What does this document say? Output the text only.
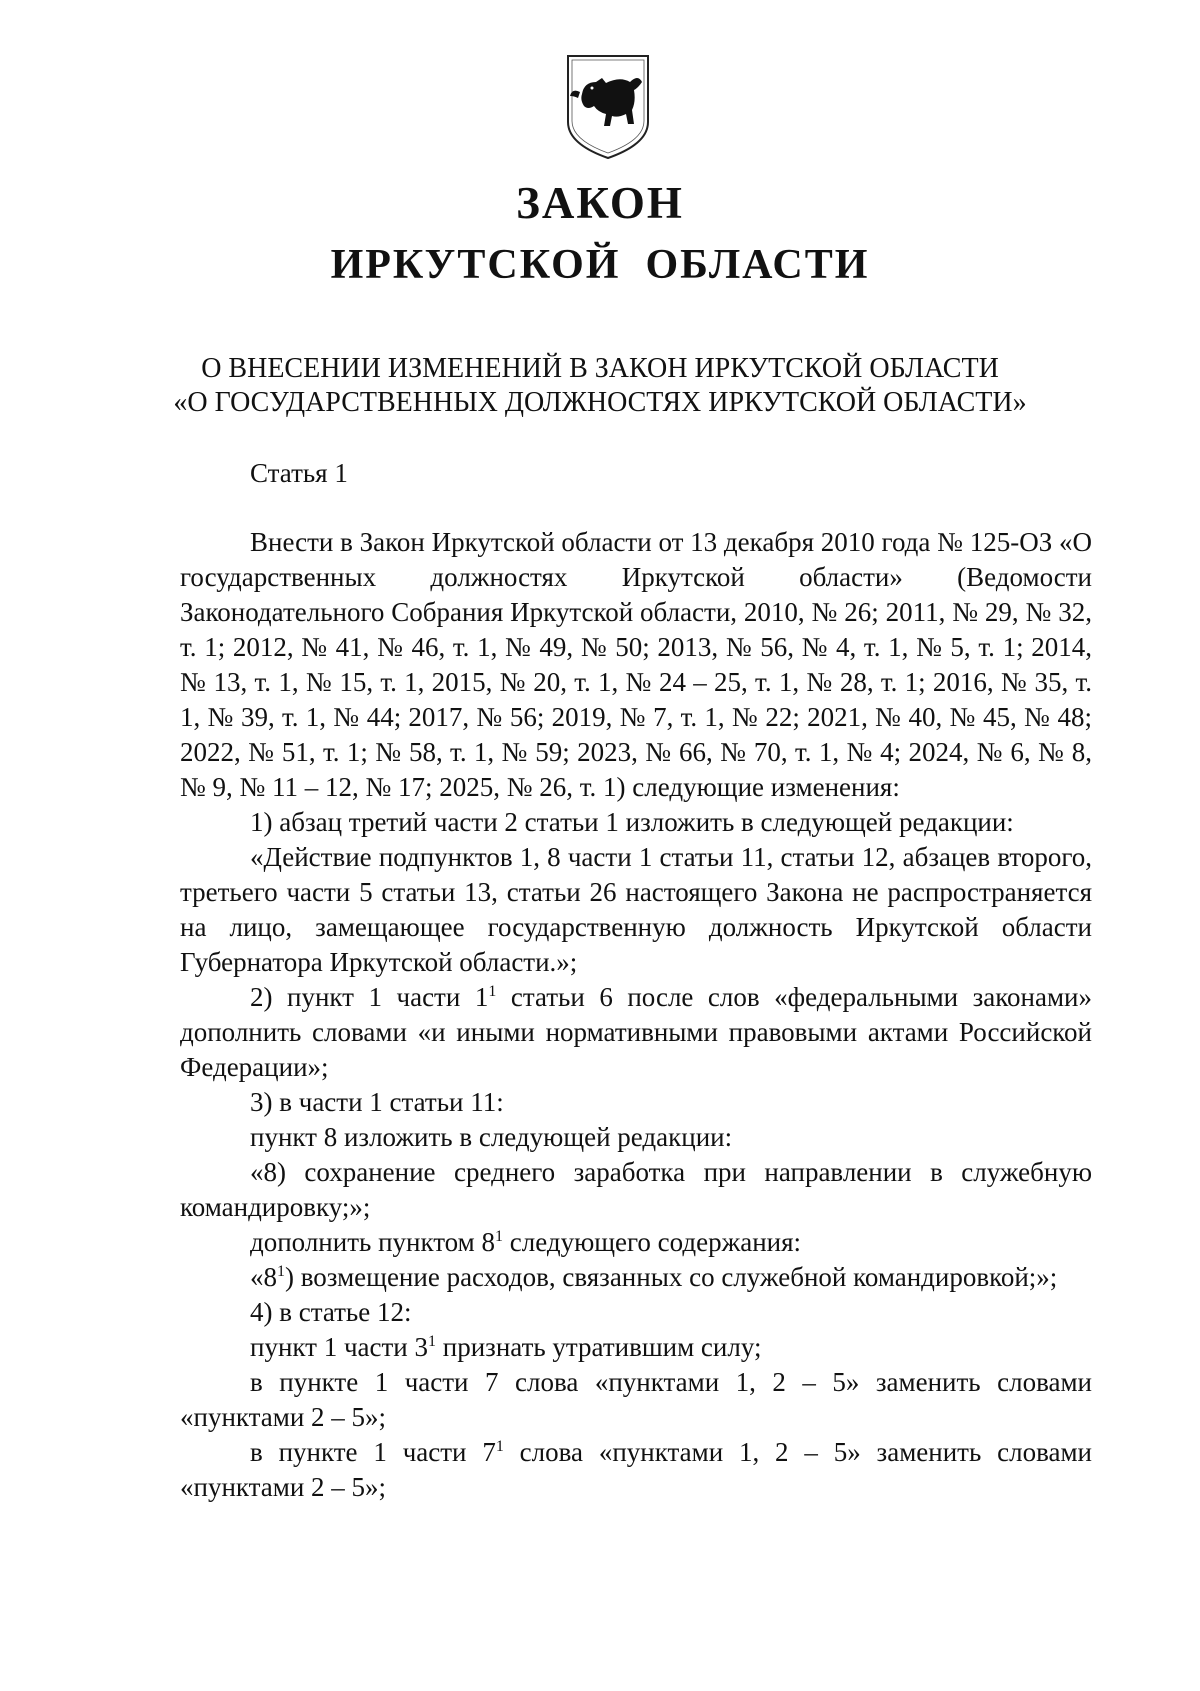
ЗАКОН
ИРКУТСКОЙ  ОБЛАСТИ
О ВНЕСЕНИИ ИЗМЕНЕНИЙ В ЗАКОН ИРКУТСКОЙ ОБЛАСТИ
«О ГОСУДАРСТВЕННЫХ ДОЛЖНОСТЯХ ИРКУТСКОЙ ОБЛАСТИ»
Статья 1

Внести в Закон Иркутской области от 13 декабря 2010 года № 125-ОЗ «О государственных должностях Иркутской области» (Ведомости Законодательного Собрания Иркутской области, 2010, № 26; 2011, № 29, № 32, т. 1; 2012, № 41, № 46, т. 1, № 49, № 50; 2013, № 56, № 4, т. 1, № 5, т. 1; 2014, № 13, т. 1, № 15, т. 1, 2015, № 20, т. 1, № 24 – 25, т. 1, № 28, т. 1; 2016, № 35, т. 1, № 39, т. 1, № 44; 2017, № 56; 2019, № 7, т. 1, № 22; 2021, № 40, № 45, № 48; 2022, № 51, т. 1; № 58, т. 1, № 59; 2023, № 66, № 70, т. 1, № 4; 2024, № 6, № 8, № 9, № 11 – 12, № 17; 2025, № 26, т. 1) следующие изменения:

1) абзац третий части 2 статьи 1 изложить в следующей редакции:

«Действие подпунктов 1, 8 части 1 статьи 11, статьи 12, абзацев второго, третьего части 5 статьи 13, статьи 26 настоящего Закона не распространяется на лицо, замещающее государственную должность Иркутской области Губернатора Иркутской области.»;

2) пункт 1 части $1^1$ статьи 6 после слов «федеральными законами» дополнить словами «и иными нормативными правовыми актами Российской Федерации»;

3) в части 1 статьи 11:

пункт 8 изложить в следующей редакции:

«8) сохранение среднего заработка при направлении в служебную командировку;»;

дополнить пунктом $8^1$ следующего содержания:

«$8^1$) возмещение расходов, связанных со служебной командировкой;»;

4) в статье 12:

пункт 1 части $3^1$ признать утратившим силу;

в пункте 1 части 7 слова «пунктами 1, 2 – 5» заменить словами «пунктами 2 – 5»;

в пункте 1 части $7^1$ слова «пунктами 1, 2 – 5» заменить словами «пунктами 2 – 5»;
